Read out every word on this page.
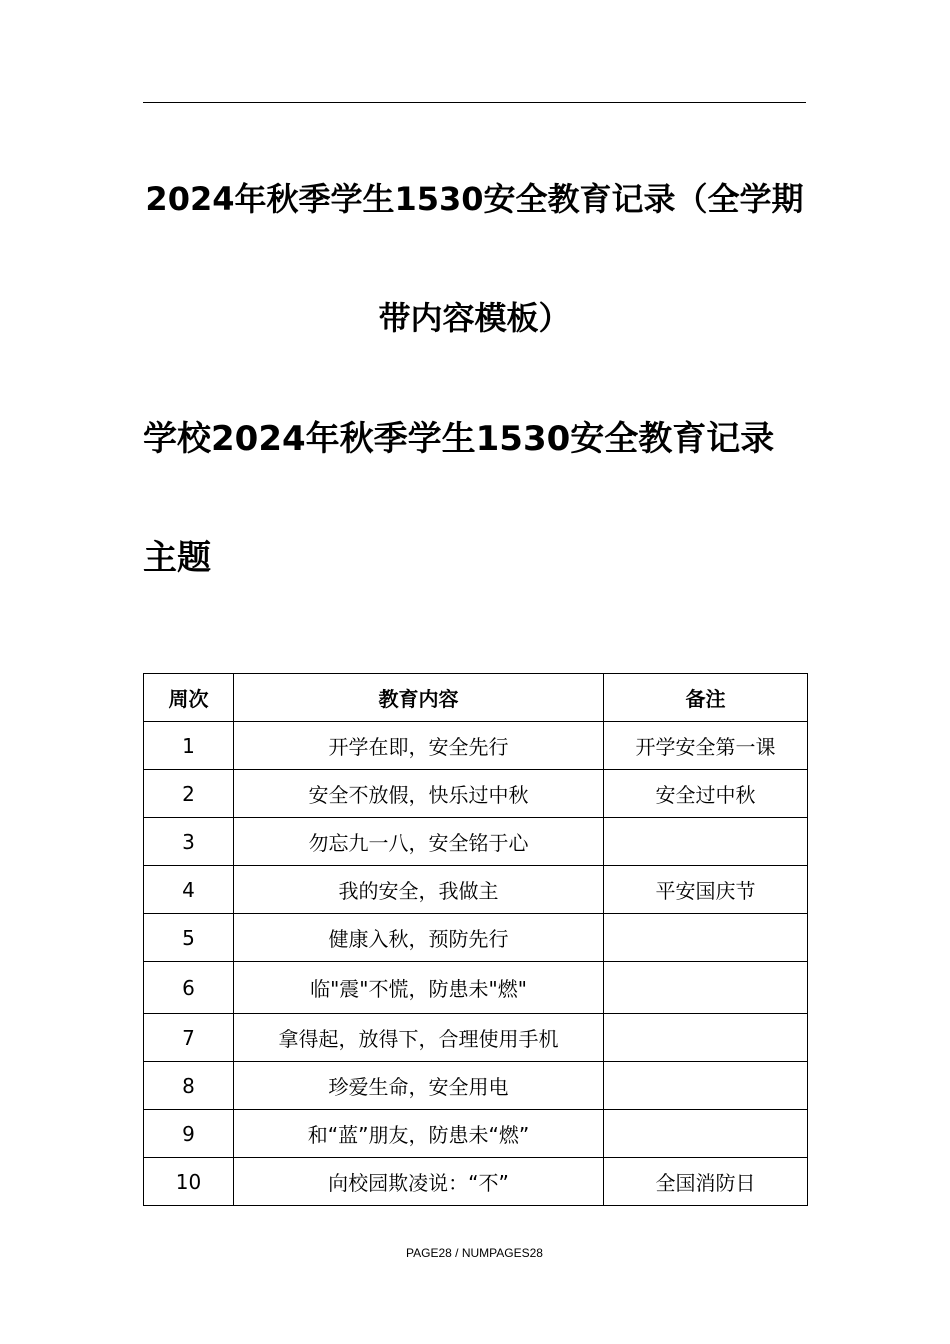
2024年秋季学生1530安全教育记录（全学期带内容模板）
学校2024年秋季学生1530安全教育记录主题
周次	教育内容	备注
1	开学在即，安全先行	开学安全第一课
2	安全不放假，快乐过中秋	安全过中秋
3	勿忘九一八，安全铭于心	
4	我的安全，我做主	平安国庆节
5	健康入秋，预防先行	
6	临"震"不慌，防患未"燃"	
7	拿得起，放得下，合理使用手机	
8	珍爱生命，安全用电	
9	和“蓝”朋友，防患未“燃”	
10	向校园欺凌说：“不”	全国消防日
PAGE28 / NUMPAGES28
